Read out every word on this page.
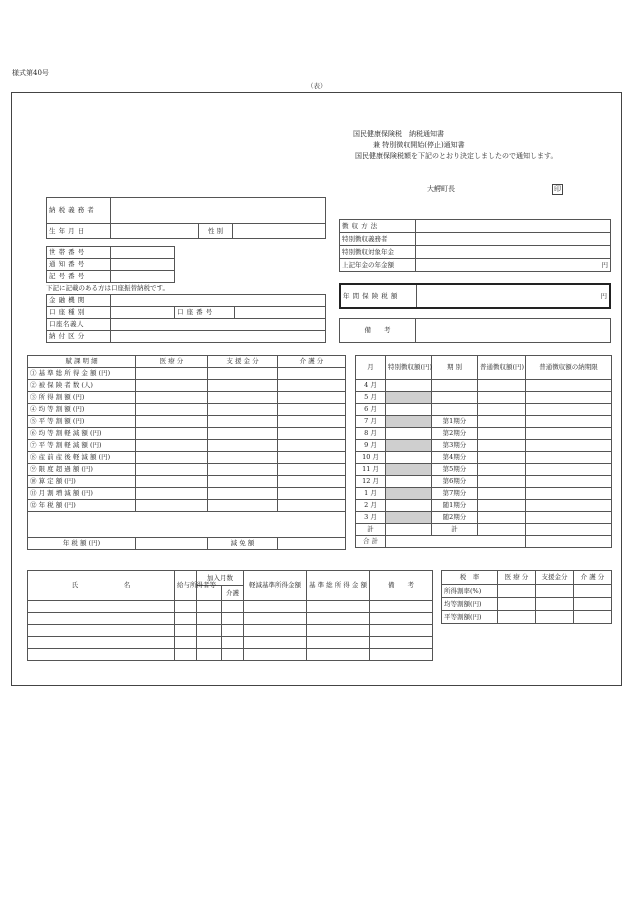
様式第40号
（表）
国民健康保険税　納税通知書
兼 特別徴収開始(停止)通知書
国民健康保険税額を下記のとおり決定しましたので通知します。
大鰐町長	印
納 税 義 務 者			
生 年 月 日		性 別	
世 帯 番 号		
通 知 番 号		
記 号 番 号		
下記に記載のある方は口座振替納税です。
金 融 機 関			
口 座 種 別		口 座 番 号	
口座名義人			
納 付 区 分			
徴 収 方 法	
特別徴収義務者	
特別徴収対象年金	
上記年金の年金額	円
年 間 保 険 税 額	円
備　　考	
賦 課 明 細	医 療 分	支 援 金 分	介 護 分
① 基 準 総 所 得 金 額 (円)			
② 被 保 険 者 数 (人)			
③ 所 得 割 額 (円)			
④ 均 等 割 額 (円)			
⑤ 平 等 割 額 (円)			
⑥ 均 等 割 軽 減 額 (円)			
⑦ 平 等 割 軽 減 額 (円)			
⑧ 産 前 産 後 軽 減 額 (円)			
⑨ 限 度 超 過 額 (円)			
⑩ 算 定 額 (円)			
⑪ 月 割 増 減 額 (円)			
⑫ 年 税 額 (円)			

年 税 額 (円)		減 免 額	
月	特別徴収額(円)	期 別	普通徴収額(円)	普通徴収額の納期限
4 月				
5 月				
6 月				
7 月		第1期分		
8 月		第2期分		
9 月		第3期分		
10 月		第4期分		
11 月		第5期分		
12 月		第6期分		
1 月		第7期分		
2 月		随1期分		
3 月		随2期分		
計		計		
合 計				
氏　　　　　　　名	給与所得者等	加入月数		軽減基準所得金額	基 準 総 所 得 金 額	備　　考
			介護			

税　率	医 療 分	支援金分	介 護 分
所得割率(%)			
均等割額(円)			
平等割額(円)			
